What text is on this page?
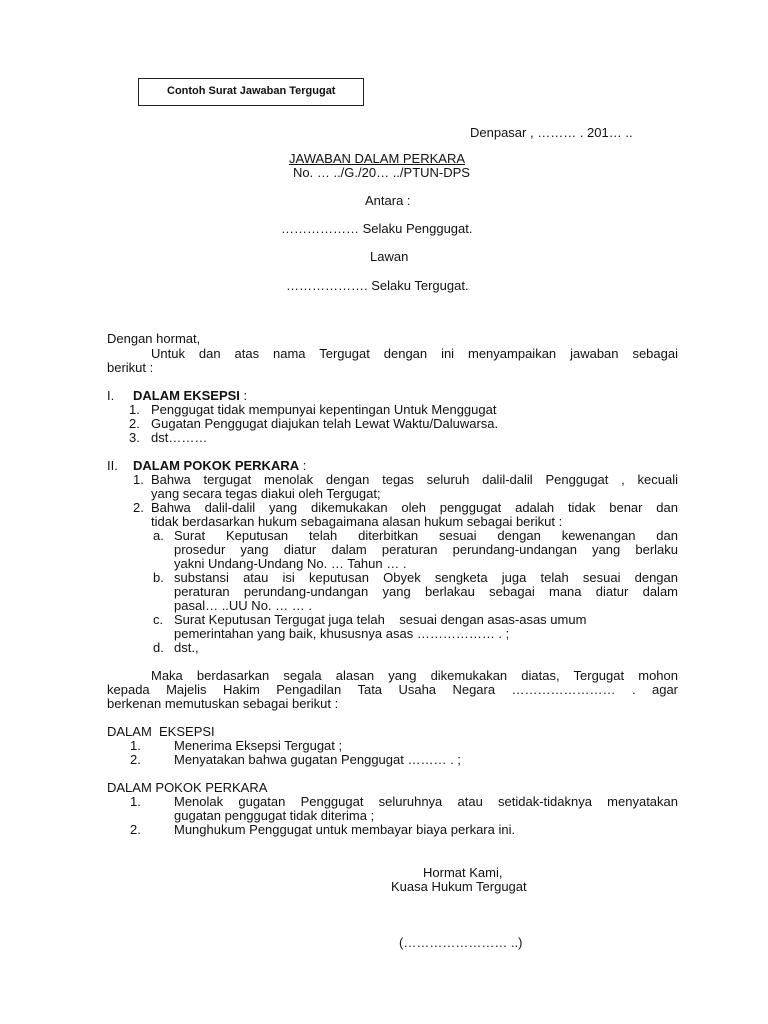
Contoh Surat Jawaban Tergugat
Denpasar , ……… . 201… ..
JAWABAN DALAM PERKARA
No. … ../G./20… ../PTUN-DPS
Antara :
……………… Selaku Penggugat.
Lawan
………………. Selaku Tergugat.
Dengan hormat,
Untuk dan atas nama Tergugat dengan ini menyampaikan jawaban sebagai
berikut :
I. DALAM EKSEPSI :
1. Penggugat tidak mempunyai kepentingan Untuk Menggugat
2. Gugatan Penggugat diajukan telah Lewat Waktu/Daluwarsa.
3. dst………
II. DALAM POKOK PERKARA :
1. Bahwa tergugat menolak dengan tegas seluruh dalil-dalil Penggugat , kecuali
yang secara tegas diakui oleh Tergugat;
2. Bahwa dalil-dalil yang dikemukakan oleh penggugat adalah tidak benar dan
tidak berdasarkan hukum sebagaimana alasan hukum sebagai berikut :
a. Surat Keputusan telah diterbitkan sesuai dengan kewenangan dan
prosedur yang diatur dalam peraturan perundang-undangan yang berlaku
yakni Undang-Undang No. … Tahun … .
b. substansi atau isi keputusan Obyek sengketa juga telah sesuai dengan
peraturan perundang-undangan yang berlakau sebagai mana diatur dalam
pasal… ..UU No. … … .
c. Surat Keputusan Tergugat juga telah    sesuai dengan asas-asas umum
pemerintahan yang baik, khususnya asas ……………… . ;
d. dst.,
Maka berdasarkan segala alasan yang dikemukakan diatas, Tergugat mohon
kepada Majelis Hakim Pengadilan Tata Usaha Negara …………………… . agar
berkenan memutuskan sebagai berikut :
DALAM  EKSEPSI
1.	Menerima Eksepsi Tergugat ;
2.	Menyatakan bahwa gugatan Penggugat ……… . ;
DALAM POKOK PERKARA
1.	Menolak gugatan Penggugat seluruhnya atau setidak-tidaknya menyatakan
gugatan penggugat tidak diterima ;
2.	Munghukum Penggugat untuk membayar biaya perkara ini.
Hormat Kami,
Kuasa Hukum Tergugat
(…………………… ..)
